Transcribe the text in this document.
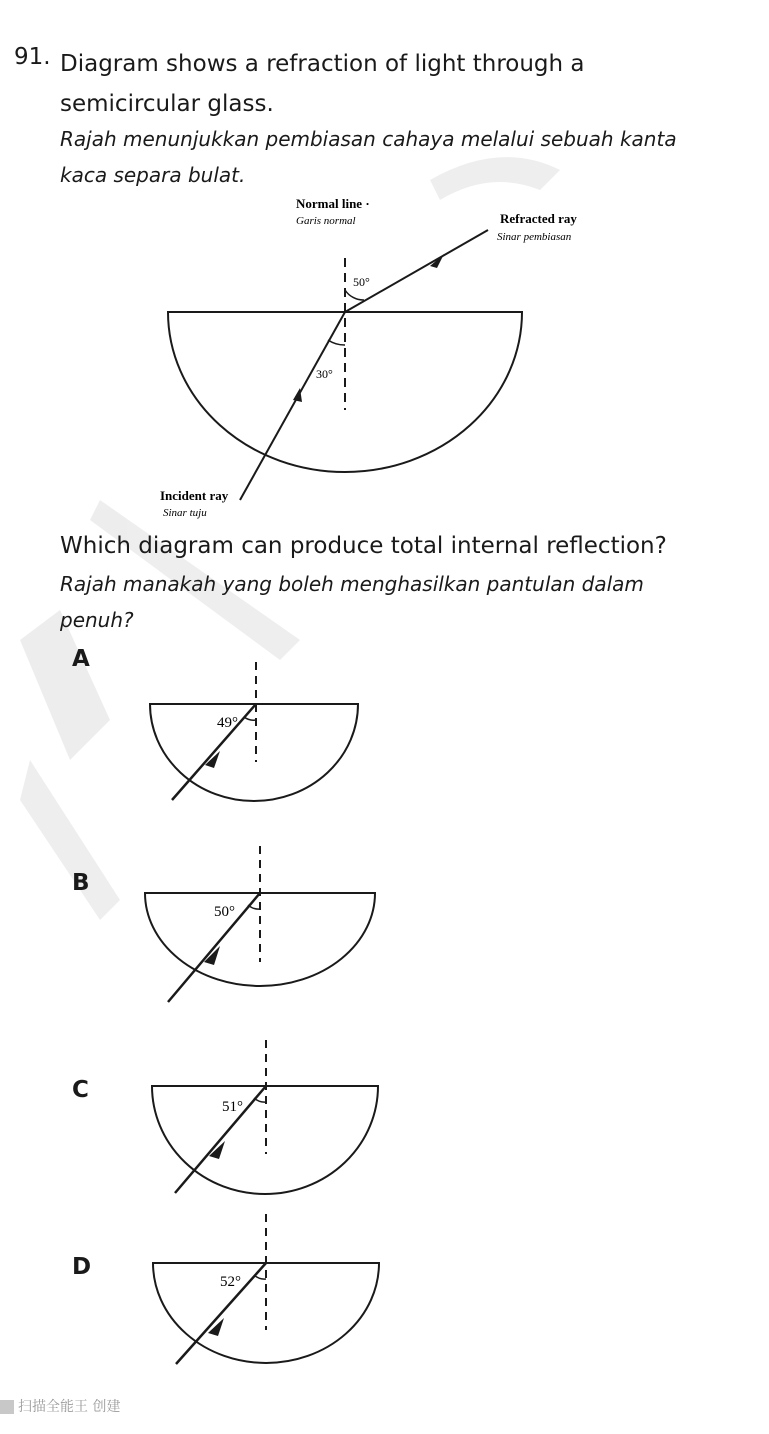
91. Diagram shows a refraction of light through a semicircular glass.
Rajah menunjukkan pembiasan cahaya melalui sebuah kanta kaca separa bulat.
Normal line ·
Garis normal	Refracted ray
Sinar pembiasan
Incident ray
Sinar tuju
50°
30°
49°
50°
51°
52°
Which diagram can produce total internal reflection?
Rajah manakah yang boleh menghasilkan pantulan dalam penuh?
A
B
C
D
扫描全能王 创建
